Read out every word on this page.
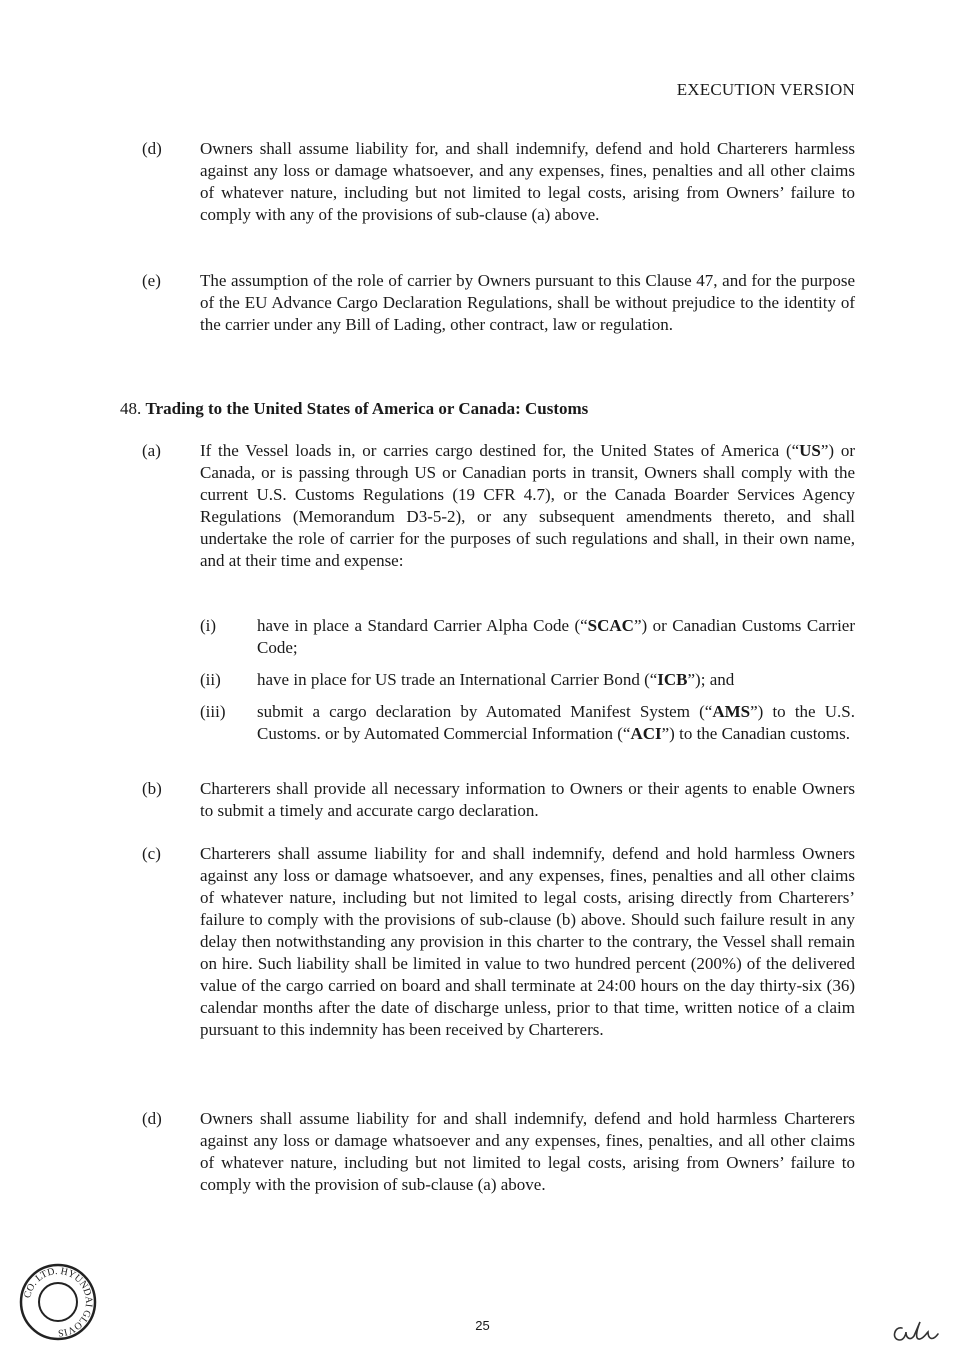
EXECUTION VERSION
(d) Owners shall assume liability for, and shall indemnify, defend and hold Charterers harmless against any loss or damage whatsoever, and any expenses, fines, penalties and all other claims of whatever nature, including but not limited to legal costs, arising from Owners’ failure to comply with any of the provisions of sub-clause (a) above.
(e) The assumption of the role of carrier by Owners pursuant to this Clause 47, and for the purpose of the EU Advance Cargo Declaration Regulations, shall be without prejudice to the identity of the carrier under any Bill of Lading, other contract, law or regulation.
48. Trading to the United States of America or Canada: Customs
(a) If the Vessel loads in, or carries cargo destined for, the United States of America (“US”) or Canada, or is passing through US or Canadian ports in transit, Owners shall comply with the current U.S. Customs Regulations (19 CFR 4.7), or the Canada Boarder Services Agency Regulations (Memorandum D3-5-2), or any subsequent amendments thereto, and shall undertake the role of carrier for the purposes of such regulations and shall, in their own name, and at their time and expense:
(i) have in place a Standard Carrier Alpha Code (“SCAC”) or Canadian Customs Carrier Code;
(ii) have in place for US trade an International Carrier Bond (“ICB”); and
(iii) submit a cargo declaration by Automated Manifest System (“AMS”) to the U.S. Customs. or by Automated Commercial Information (“ACI”) to the Canadian customs.
(b) Charterers shall provide all necessary information to Owners or their agents to enable Owners to submit a timely and accurate cargo declaration.
(c) Charterers shall assume liability for and shall indemnify, defend and hold harmless Owners against any loss or damage whatsoever, and any expenses, fines, penalties and all other claims of whatever nature, including but not limited to legal costs, arising directly from Charterers’ failure to comply with the provisions of sub-clause (b) above. Should such failure result in any delay then notwithstanding any provision in this charter to the contrary, the Vessel shall remain on hire. Such liability shall be limited in value to two hundred percent (200%) of the delivered value of the cargo carried on board and shall terminate at 24:00 hours on the day thirty-six (36) calendar months after the date of discharge unless, prior to that time, written notice of a claim pursuant to this indemnity has been received by Charterers.
(d) Owners shall assume liability for and shall indemnify, defend and hold harmless Charterers against any loss or damage whatsoever and any expenses, fines, penalties, and all other claims of whatever nature, including but not limited to legal costs, arising from Owners’ failure to comply with the provision of sub-clause (a) above.
CO. LTD. HYUNDAI GLOVIS	25
